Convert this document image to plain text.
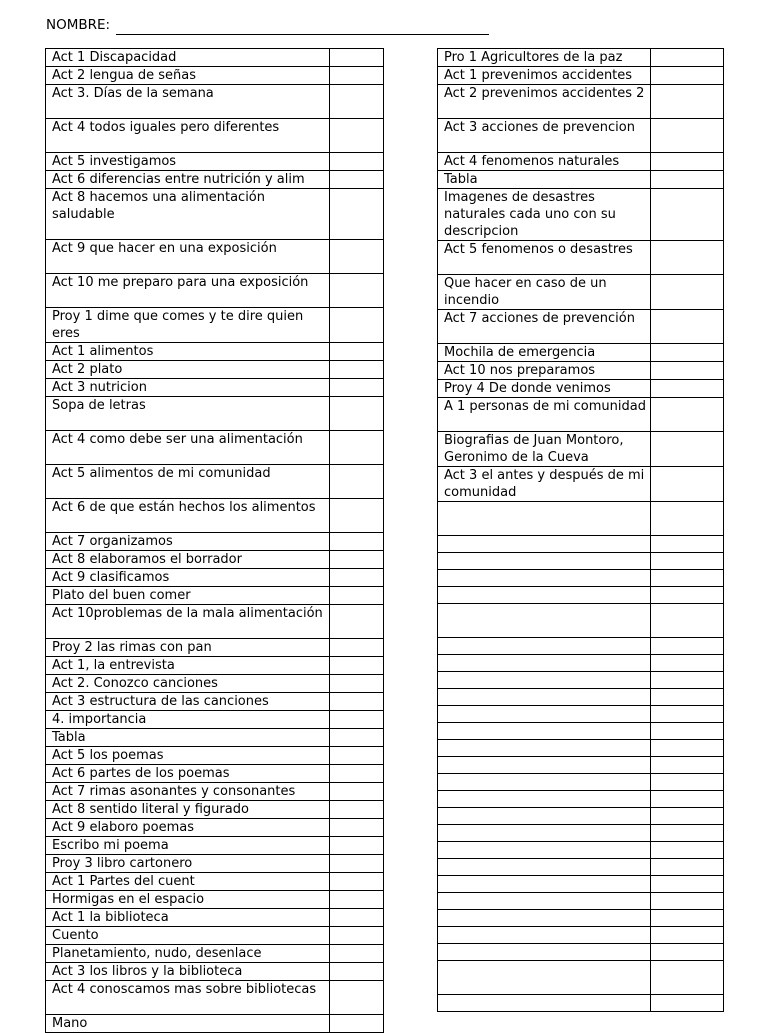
NOMBRE:
Act 1 Discapacidad	
Act 2 lengua de señas	
Act 3. Días de la semana	
Act 4 todos iguales pero diferentes	
Act 5 investigamos	
Act 6 diferencias entre nutrición y alim	
Act 8 hacemos una alimentación saludable	
Act 9 que hacer en una exposición	
Act 10 me preparo para una exposición	
Proy 1 dime que comes y te dire quien eres	
Act 1 alimentos	
Act 2 plato	
Act 3 nutricion	
Sopa de letras	
Act 4 como debe ser una alimentación	
Act 5 alimentos de mi comunidad	
Act 6 de que están hechos los alimentos	
Act 7 organizamos	
Act 8 elaboramos el borrador	
Act 9 clasificamos	
Plato del buen comer	
Act 10problemas de la mala alimentación	
Proy 2 las rimas con pan	
Act 1, la entrevista	
Act 2. Conozco canciones	
Act 3 estructura de las canciones	
4. importancia	
Tabla	
Act 5 los poemas	
Act 6 partes de los poemas	
Act 7 rimas asonantes y consonantes	
Act 8 sentido literal y figurado	
Act 9 elaboro poemas	
Escribo mi poema	
Proy 3 libro cartonero	
Act 1 Partes del cuent	
Hormigas en el espacio	
Act 1 la biblioteca	
Cuento	
Planetamiento, nudo, desenlace	
Act 3 los libros y la biblioteca	
Act 4 conoscamos mas sobre bibliotecas	
Mano	
Pro 1 Agricultores de la paz	
Act 1 prevenimos accidentes	
Act 2 prevenimos accidentes 2	
Act 3 acciones de prevencion	
Act 4 fenomenos naturales	
Tabla	
Imagenes de desastres naturales cada uno con su descripcion	
Act 5 fenomenos o desastres	
Que hacer en caso de un incendio	
Act 7 acciones de prevención	
Mochila de emergencia	
Act 10 nos preparamos	
Proy 4 De donde venimos	
A 1 personas de mi comunidad	
Biografias de Juan Montoro, Geronimo de la Cueva	
Act 3 el antes y después de mi comunidad	
